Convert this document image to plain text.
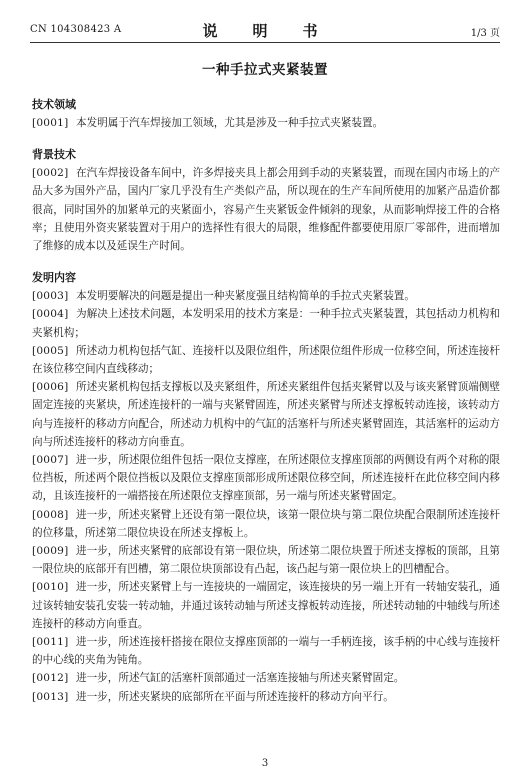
CN 104308423 A	说　明　书	1/3 页
一种手拉式夹紧装置
技术领域

[0001] 本发明属于汽车焊接加工领域，尤其是涉及一种手拉式夹紧装置。

背景技术

[0002] 在汽车焊接设备车间中，许多焊接夹具上都会用到手动的夹紧装置，而现在国内市场上的产品大多为国外产品，国内厂家几乎没有生产类似产品，所以现在的生产车间所使用的加紧产品造价都很高，同时国外的加紧单元的夹紧面小，容易产生夹紧钣金件倾斜的现象，从而影响焊接工件的合格率；且使用外资夹紧装置对于用户的选择性有很大的局限，维修配件都要使用原厂零部件，进而增加了维修的成本以及延误生产时间。

发明内容

[0003] 本发明要解决的问题是提出一种夹紧度强且结构简单的手拉式夹紧装置。

[0004] 为解决上述技术问题，本发明采用的技术方案是：一种手拉式夹紧装置，其包括动力机构和夹紧机构；

[0005] 所述动力机构包括气缸、连接杆以及限位组件，所述限位组件形成一位移空间，所述连接杆在该位移空间内直线移动；

[0006] 所述夹紧机构包括支撑板以及夹紧组件，所述夹紧组件包括夹紧臂以及与该夹紧臂顶端侧壁固定连接的夹紧块，所述连接杆的一端与夹紧臂固连，所述夹紧臂与所述支撑板转动连接，该转动方向与连接杆的移动方向配合，所述动力机构中的气缸的活塞杆与所述夹紧臂固连，其活塞杆的运动方向与所述连接杆的移动方向垂直。

[0007] 进一步，所述限位组件包括一限位支撑座，在所述限位支撑座顶部的两侧设有两个对称的限位挡板，所述两个限位挡板以及限位支撑座顶部形成所述限位移空间，所述连接杆在此位移空间内移动，且该连接杆的一端搭接在所述限位支撑座顶部，另一端与所述夹紧臂固定。

[0008] 进一步，所述夹紧臂上还设有第一限位块，该第一限位块与第二限位块配合限制所述连接杆的位移量，所述第二限位块设在所述支撑板上。

[0009] 进一步，所述夹紧臂的底部设有第一限位块，所述第二限位块置于所述支撑板的顶部，且第一限位块的底部开有凹槽，第二限位块顶部设有凸起，该凸起与第一限位块上的凹槽配合。

[0010] 进一步，所述夹紧臂上与一连接块的一端固定，该连接块的另一端上开有一转轴安装孔，通过该转轴安装孔安装一转动轴，并通过该转动轴与所述支撑板转动连接，所述转动轴的中轴线与所述连接杆的移动方向垂直。

[0011] 进一步，所述连接杆搭接在限位支撑座顶部的一端与一手柄连接，该手柄的中心线与连接杆的中心线的夹角为钝角。

[0012] 进一步，所述气缸的活塞杆顶部通过一活塞连接轴与所述夹紧臂固定。

[0013] 进一步，所述夹紧块的底部所在平面与所述连接杆的移动方向平行。

3
